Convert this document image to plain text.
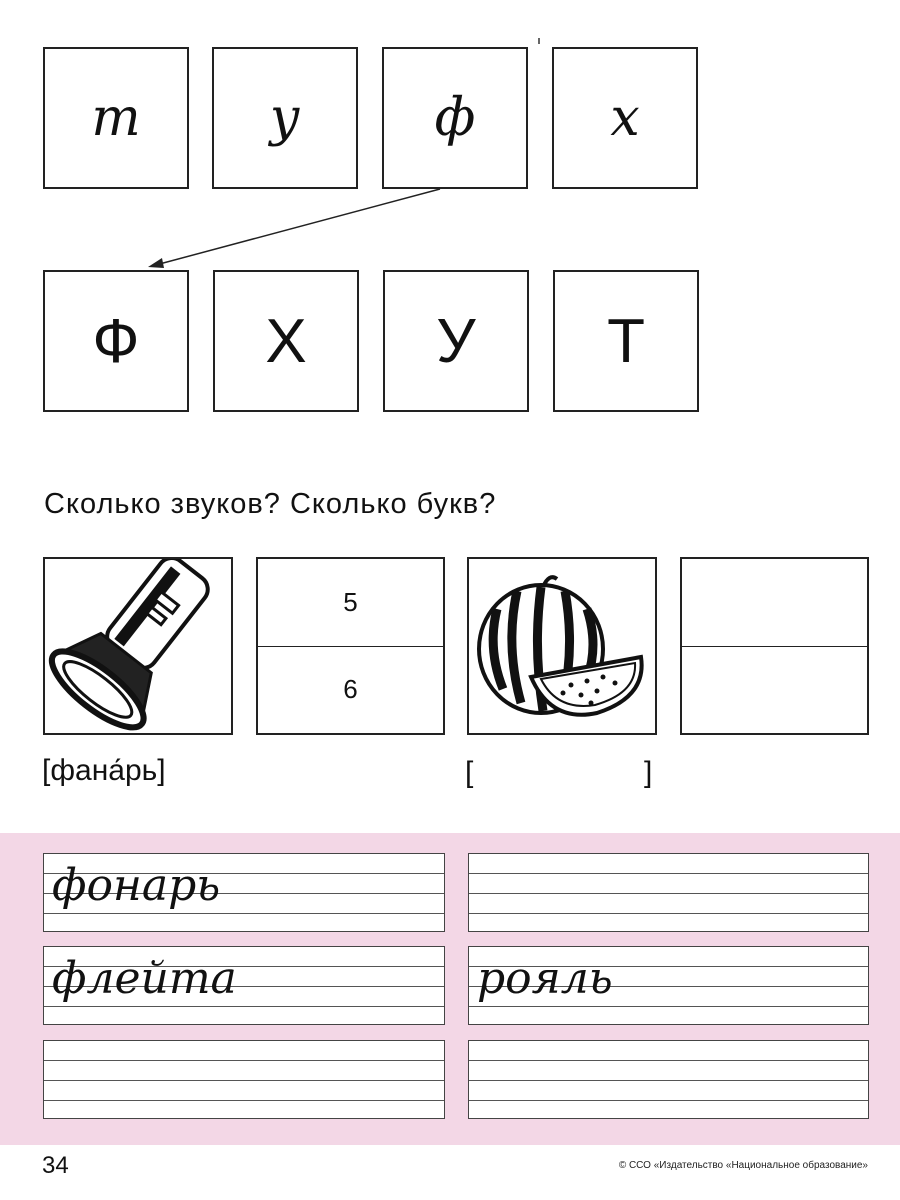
т у	ф	х
Ф Х У Т
Сколько звуков? Сколько букв?
5
6
[фана́рь]	[	]
фонарь
флейта	рояль
34	© ССО «Издательство «Национальное образование»
